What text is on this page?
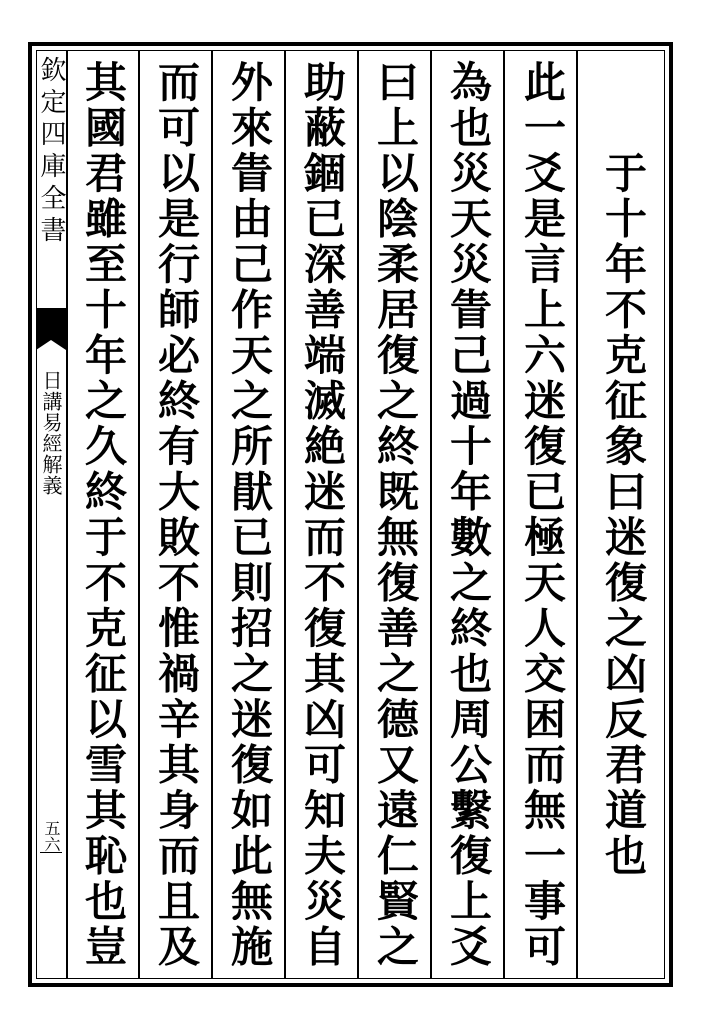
欽定四庫全書
日講易經解義
五六	于十年不克征象曰迷復之凶反君道也
此一爻是言上六迷復已極天人交困而無一事可
為也災天災眚己過十年數之終也周公繫復上爻
曰上以陰柔居復之終既無復善之德又遠仁賢之
助蔽錮已深善端滅絶迷而不復其凶可知夫災自
外來眚由己作天之所猒已則招之迷復如此無施
而可以是行師必終有大敗不惟禍辛其身而且及
其國君雖至十年之久終于不克征以雪其恥也豈
